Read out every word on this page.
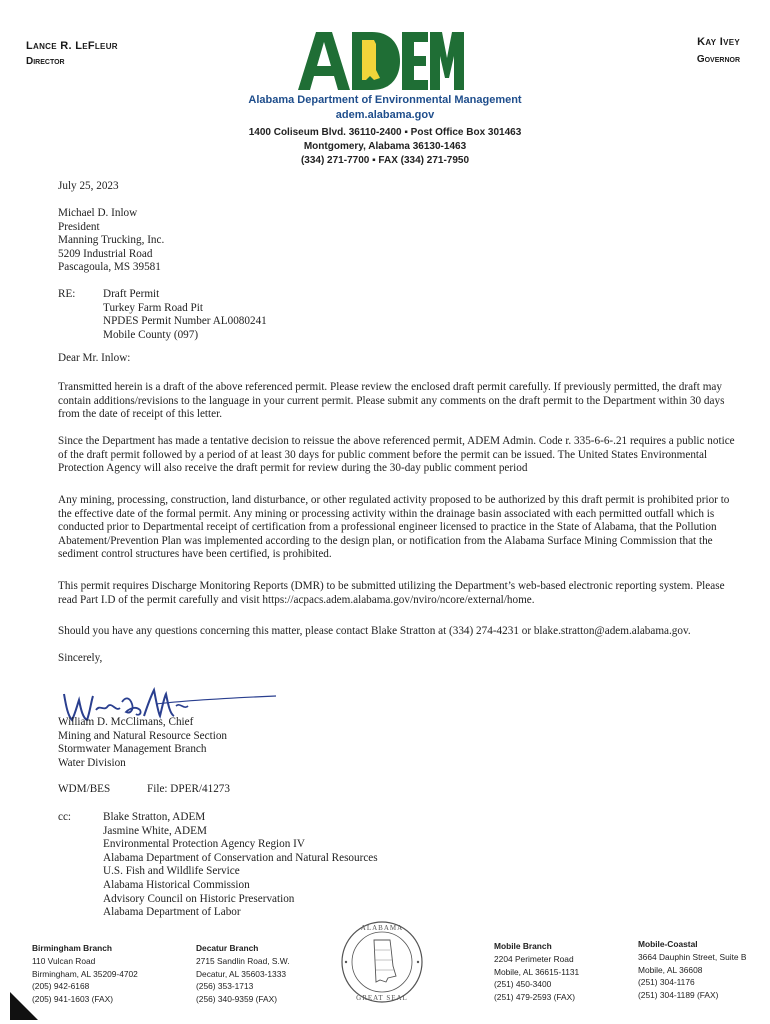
Lance R. LeFleur
Director
Kay Ivey
Governor
Alabama Department of Environmental Management
adem.alabama.gov
1400 Coliseum Blvd. 36110-2400 ▪ Post Office Box 301463
Montgomery, Alabama 36130-1463
(334) 271-7700 ▪ FAX (334) 271-7950
July 25, 2023
Michael D. Inlow
President
Manning Trucking, Inc.
5209 Industrial Road
Pascagoula, MS 39581
RE: Draft Permit
Turkey Farm Road Pit
NPDES Permit Number AL0080241
Mobile County (097)
Dear Mr. Inlow:
Transmitted herein is a draft of the above referenced permit. Please review the enclosed draft permit carefully. If previously permitted, the draft may
contain additions/revisions to the language in your current permit. Please submit any comments on the draft permit to the Department within 30 days
from the date of receipt of this letter.
Since the Department has made a tentative decision to reissue the above referenced permit, ADEM Admin. Code r. 335-6-6-.21 requires a public notice
of the draft permit followed by a period of at least 30 days for public comment before the permit can be issued. The United States Environmental
Protection Agency will also receive the draft permit for review during the 30-day public comment period
Any mining, processing, construction, land disturbance, or other regulated activity proposed to be authorized by this draft permit is prohibited prior to
the effective date of the formal permit. Any mining or processing activity within the drainage basin associated with each permitted outfall which is
conducted prior to Departmental receipt of certification from a professional engineer licensed to practice in the State of Alabama, that the Pollution
Abatement/Prevention Plan was implemented according to the design plan, or notification from the Alabama Surface Mining Commission that the
sediment control structures have been certified, is prohibited.
This permit requires Discharge Monitoring Reports (DMR) to be submitted utilizing the Department’s web-based electronic reporting system. Please
read Part I.D of the permit carefully and visit https://acpacs.adem.alabama.gov/nviro/ncore/external/home.
Should you have any questions concerning this matter, please contact Blake Stratton at (334) 274-4231 or blake.stratton@adem.alabama.gov.
Sincerely,
William D. McClimans, Chief
Mining and Natural Resource Section
Stormwater Management Branch
Water Division
WDM/BES	File: DPER/41273
cc:	Blake Stratton, ADEM
Jasmine White, ADEM
Environmental Protection Agency Region IV
Alabama Department of Conservation and Natural Resources
U.S. Fish and Wildlife Service
Alabama Historical Commission
Advisory Council on Historic Preservation
Alabama Department of Labor
Birmingham Branch
110 Vulcan Road
Birmingham, AL 35209-4702
(205) 942-6168
(205) 941-1603 (FAX)
Decatur Branch
2715 Sandlin Road, S.W.
Decatur, AL 35603-1333
(256) 353-1713
(256) 340-9359 (FAX)
ALABAMA
GREAT SEAL
Mobile Branch
2204 Perimeter Road
Mobile, AL 36615-1131
(251) 450-3400
(251) 479-2593 (FAX)
Mobile-Coastal
3664 Dauphin Street, Suite B
Mobile, AL 36608
(251) 304-1176
(251) 304-1189 (FAX)
